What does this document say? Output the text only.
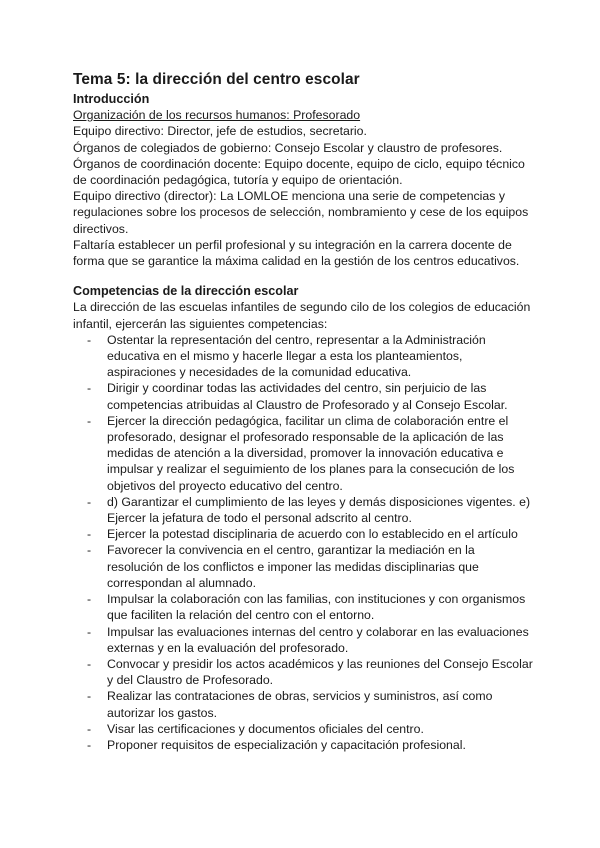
Tema 5: la dirección del centro escolar
Introducción
Organización de los recursos humanos: Profesorado
Equipo directivo: Director, jefe de estudios, secretario.
Órganos de colegiados de gobierno: Consejo Escolar y claustro de profesores.
Órganos de coordinación docente: Equipo docente, equipo de ciclo, equipo técnico de coordinación pedagógica, tutoría y equipo de orientación.
Equipo directivo (director): La LOMLOE menciona una serie de competencias y regulaciones sobre los procesos de selección, nombramiento y cese de los equipos directivos.
Faltaría establecer un perfil profesional y su integración en la carrera docente de forma que se garantice la máxima calidad en la gestión de los centros educativos.
Competencias de la dirección escolar
La dirección de las escuelas infantiles de segundo cilo de los colegios de educación infantil, ejercerán las siguientes competencias:
- Ostentar la representación del centro, representar a la Administración educativa en el mismo y hacerle llegar a esta los planteamientos, aspiraciones y necesidades de la comunidad educativa.
- Dirigir y coordinar todas las actividades del centro, sin perjuicio de las competencias atribuidas al Claustro de Profesorado y al Consejo Escolar.
- Ejercer la dirección pedagógica, facilitar un clima de colaboración entre el profesorado, designar el profesorado responsable de la aplicación de las medidas de atención a la diversidad, promover la innovación educativa e impulsar y realizar el seguimiento de los planes para la consecución de los objetivos del proyecto educativo del centro.
- d) Garantizar el cumplimiento de las leyes y demás disposiciones vigentes. e) Ejercer la jefatura de todo el personal adscrito al centro.
- Ejercer la potestad disciplinaria de acuerdo con lo establecido en el artículo
- Favorecer la convivencia en el centro, garantizar la mediación en la resolución de los conflictos e imponer las medidas disciplinarias que correspondan al alumnado.
- Impulsar la colaboración con las familias, con instituciones y con organismos que faciliten la relación del centro con el entorno.
- Impulsar las evaluaciones internas del centro y colaborar en las evaluaciones externas y en la evaluación del profesorado.
- Convocar y presidir los actos académicos y las reuniones del Consejo Escolar y del Claustro de Profesorado.
- Realizar las contrataciones de obras, servicios y suministros, así como autorizar los gastos.
- Visar las certificaciones y documentos oficiales del centro.
- Proponer requisitos de especialización y capacitación profesional.
